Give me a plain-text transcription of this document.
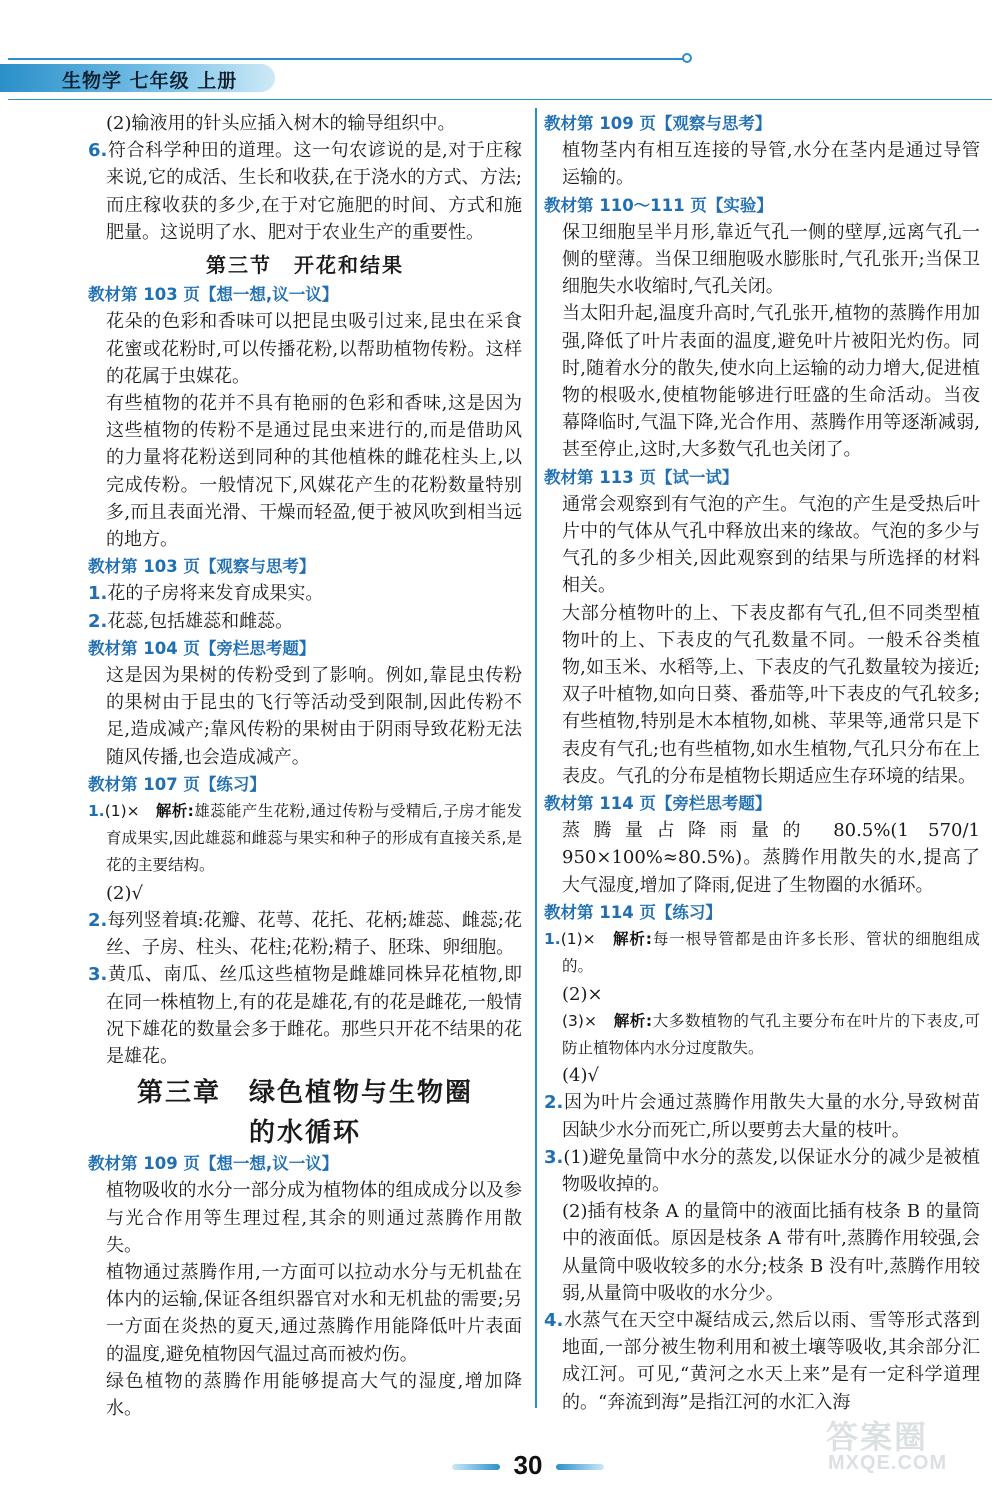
生物学 七年级 上册

(2)输液用的针头应插入树木的输导组织中。

6.符合科学种田的道理。这一句农谚说的是,对于庄稼来说,它的成活、生长和收获,在于浇水的方式、方法;而庄稼收获的多少,在于对它施肥的时间、方式和施肥量。这说明了水、肥对于农业生产的重要性。

第三节　开花和结果

教材第 103 页【想一想,议一议】

花朵的色彩和香味可以把昆虫吸引过来,昆虫在采食花蜜或花粉时,可以传播花粉,以帮助植物传粉。这样的花属于虫媒花。

有些植物的花并不具有艳丽的色彩和香味,这是因为这些植物的传粉不是通过昆虫来进行的,而是借助风的力量将花粉送到同种的其他植株的雌花柱头上,以完成传粉。一般情况下,风媒花产生的花粉数量特别多,而且表面光滑、干燥而轻盈,便于被风吹到相当远的地方。

教材第 103 页【观察与思考】

1.花的子房将来发育成果实。

2.花蕊,包括雄蕊和雌蕊。

教材第 104 页【旁栏思考题】

这是因为果树的传粉受到了影响。例如,靠昆虫传粉的果树由于昆虫的飞行等活动受到限制,因此传粉不足,造成减产;靠风传粉的果树由于阴雨导致花粉无法随风传播,也会造成减产。

教材第 107 页【练习】

1.(1)×　解析:雄蕊能产生花粉,通过传粉与受精后,子房才能发育成果实,因此雄蕊和雌蕊与果实和种子的形成有直接关系,是花的主要结构。

(2)√

2.每列竖着填:花瓣、花萼、花托、花柄;雄蕊、雌蕊;花丝、子房、柱头、花柱;花粉;精子、胚珠、卵细胞。

3.黄瓜、南瓜、丝瓜这些植物是雌雄同株异花植物,即在同一株植物上,有的花是雄花,有的花是雌花,一般情况下雄花的数量会多于雌花。那些只开花不结果的花是雄花。

第三章　绿色植物与生物圈

的水循环

教材第 109 页【想一想,议一议】

植物吸收的水分一部分成为植物体的组成成分以及参与光合作用等生理过程,其余的则通过蒸腾作用散失。

植物通过蒸腾作用,一方面可以拉动水分与无机盐在体内的运输,保证各组织器官对水和无机盐的需要;另一方面在炎热的夏天,通过蒸腾作用能降低叶片表面的温度,避免植物因气温过高而被灼伤。

绿色植物的蒸腾作用能够提高大气的湿度,增加降水。

教材第 109 页【观察与思考】

植物茎内有相互连接的导管,水分在茎内是通过导管运输的。

教材第 110～111 页【实验】

保卫细胞呈半月形,靠近气孔一侧的壁厚,远离气孔一侧的壁薄。当保卫细胞吸水膨胀时,气孔张开;当保卫细胞失水收缩时,气孔关闭。

当太阳升起,温度升高时,气孔张开,植物的蒸腾作用加强,降低了叶片表面的温度,避免叶片被阳光灼伤。同时,随着水分的散失,使水向上运输的动力增大,促进植物的根吸水,使植物能够进行旺盛的生命活动。当夜幕降临时,气温下降,光合作用、蒸腾作用等逐渐减弱,甚至停止,这时,大多数气孔也关闭了。

教材第 113 页【试一试】

通常会观察到有气泡的产生。气泡的产生是受热后叶片中的气体从气孔中释放出来的缘故。气泡的多少与气孔的多少相关,因此观察到的结果与所选择的材料相关。

大部分植物叶的上、下表皮都有气孔,但不同类型植物叶的上、下表皮的气孔数量不同。一般禾谷类植物,如玉米、水稻等,上、下表皮的气孔数量较为接近;双子叶植物,如向日葵、番茄等,叶下表皮的气孔较多;有些植物,特别是木本植物,如桃、苹果等,通常只是下表皮有气孔;也有些植物,如水生植物,气孔只分布在上表皮。气孔的分布是植物长期适应生存环境的结果。

教材第 114 页【旁栏思考题】

蒸腾量占降雨量的 80.5%(1 570/1 950×100%≈80.5%)。蒸腾作用散失的水,提高了大气湿度,增加了降雨,促进了生物圈的水循环。

教材第 114 页【练习】

1.(1)×　解析:每一根导管都是由许多长形、管状的细胞组成的。

(2)×

(3)×　解析:大多数植物的气孔主要分布在叶片的下表皮,可防止植物体内水分过度散失。

(4)√

2.因为叶片会通过蒸腾作用散失大量的水分,导致树苗因缺少水分而死亡,所以要剪去大量的枝叶。

3.(1)避免量筒中水分的蒸发,以保证水分的减少是被植物吸收掉的。

(2)插有枝条 A 的量筒中的液面比插有枝条 B 的量筒中的液面低。原因是枝条 A 带有叶,蒸腾作用较强,会从量筒中吸收较多的水分;枝条 B 没有叶,蒸腾作用较弱,从量筒中吸收的水分少。

4.水蒸气在天空中凝结成云,然后以雨、雪等形式落到地面,一部分被生物利用和被土壤等吸收,其余部分汇成江河。可见,“黄河之水天上来”是有一定科学道理的。“奔流到海”是指江河的水汇入海

30
答案圈
MXQE.COM
